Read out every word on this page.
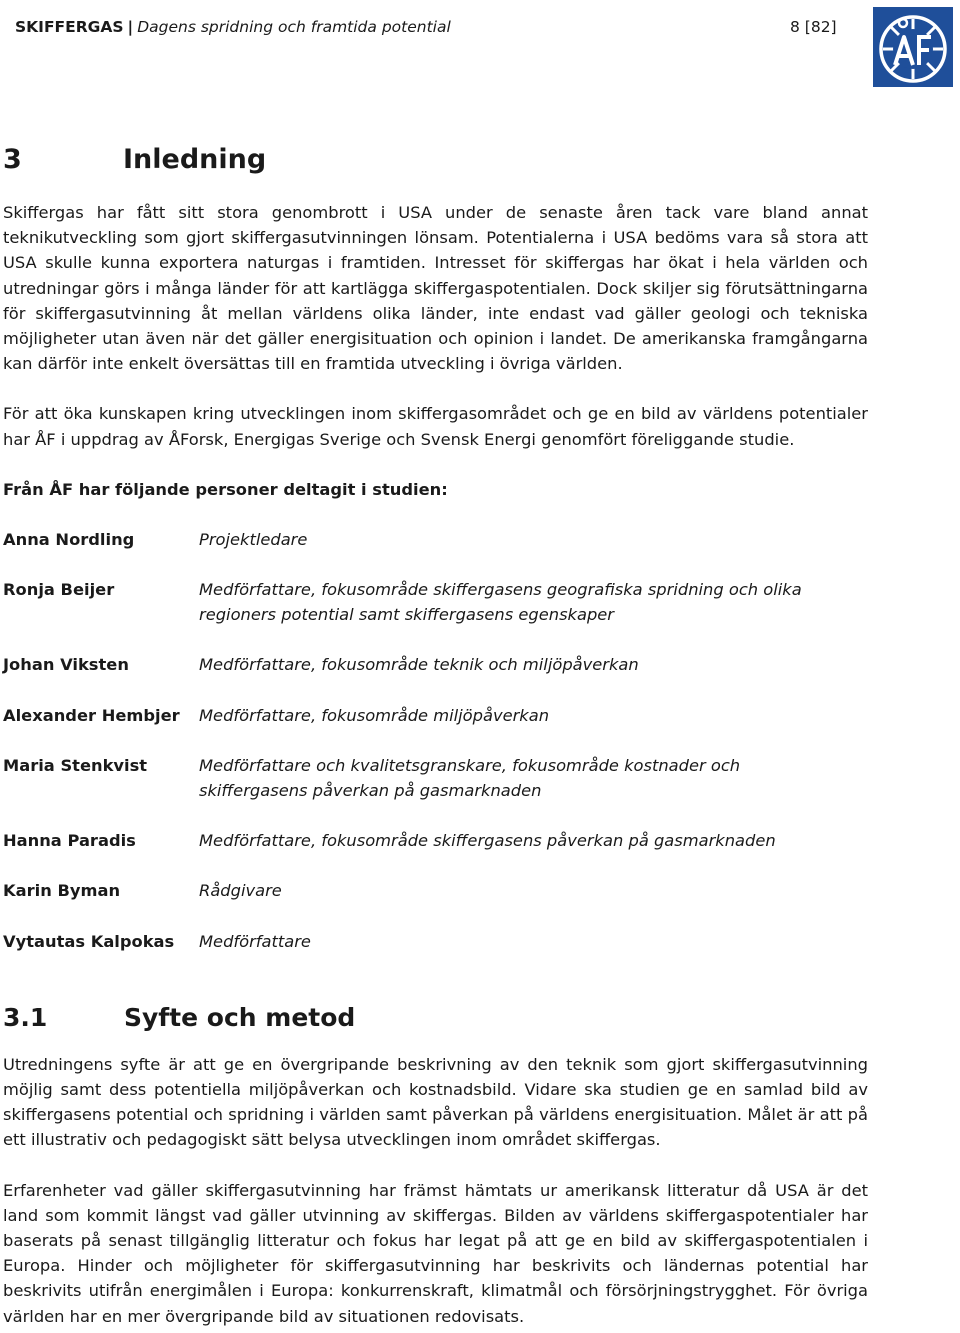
SKIFFERGAS | Dagens spridning och framtida potential	8 [82]
3	Inledning

Skiffergas har fått sitt stora genombrott i USA under de senaste åren tack vare bland annat teknikutveckling som gjort skiffergasutvinningen lönsam. Potentialerna i USA bedöms vara så stora att USA skulle kunna exportera naturgas i framtiden. Intresset för skiffergas har ökat i hela världen och utredningar görs i många länder för att kartlägga skiffergaspotentialen. Dock skiljer sig förutsättningarna för skiffergasutvinning åt mellan världens olika länder, inte endast vad gäller geologi och tekniska möjligheter utan även när det gäller energisituation och opinion i landet. De amerikanska framgångarna kan därför inte enkelt översättas till en framtida utveckling i övriga världen.

För att öka kunskapen kring utvecklingen inom skiffergasområdet och ge en bild av världens potentialer har ÅF i uppdrag av ÅForsk, Energigas Sverige och Svensk Energi genomfört föreliggande studie.

Från ÅF har följande personer deltagit i studien:

Anna Nordling	Projektledare
Ronja Beijer	Medförfattare, fokusområde skiffergasens geografiska spridning och olika regioners potential samt skiffergasens egenskaper
Johan Viksten	Medförfattare, fokusområde teknik och miljöpåverkan
Alexander Hembjer	Medförfattare, fokusområde miljöpåverkan
Maria Stenkvist	Medförfattare och kvalitetsgranskare, fokusområde kostnader och skiffergasens påverkan på gasmarknaden
Hanna Paradis	Medförfattare, fokusområde skiffergasens påverkan på gasmarknaden
Karin Byman	Rådgivare
Vytautas Kalpokas	Medförfattare
3.1	Syfte och metod

Utredningens syfte är att ge en övergripande beskrivning av den teknik som gjort skiffergasutvinning möjlig samt dess potentiella miljöpåverkan och kostnadsbild. Vidare ska studien ge en samlad bild av skiffergasens potential och spridning i världen samt påverkan på världens energisituation. Målet är att på ett illustrativ och pedagogiskt sätt belysa utvecklingen inom området skiffergas.

Erfarenheter vad gäller skiffergasutvinning har främst hämtats ur amerikansk litteratur då USA är det land som kommit längst vad gäller utvinning av skiffergas. Bilden av världens skiffergaspotentialer har baserats på senast tillgänglig litteratur och fokus har legat på att ge en bild av skiffergaspotentialen i Europa. Hinder och möjligheter för skiffergasutvinning har beskrivits och ländernas potential har beskrivits utifrån energimålen i Europa: konkurrenskraft, klimatmål och försörjningstrygghet. För övriga världen har en mer övergripande bild av situationen redovisats.
